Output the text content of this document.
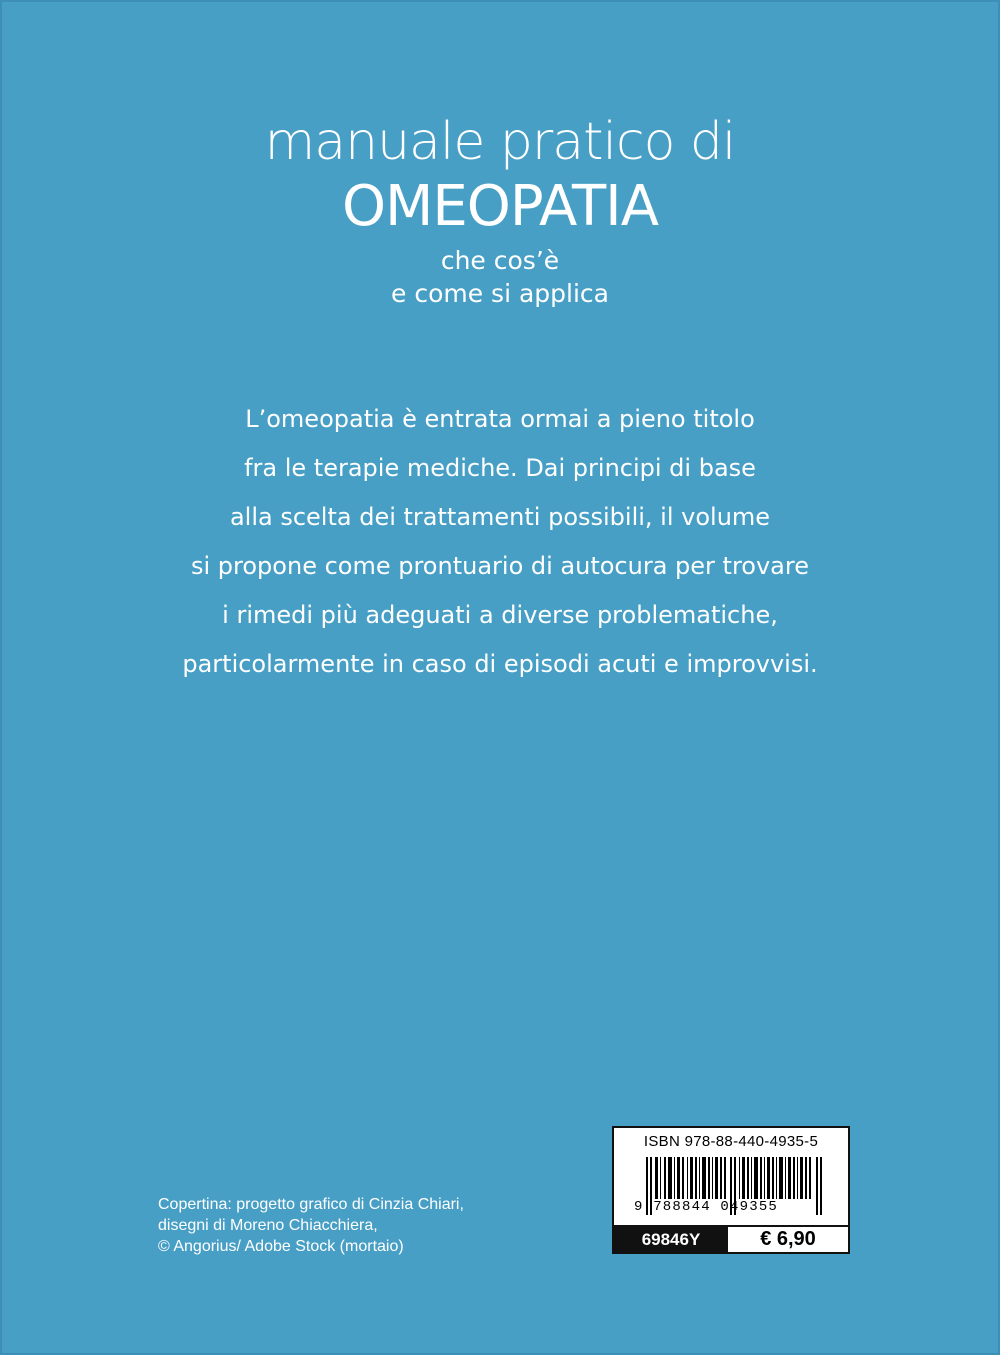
manuale pratico di
OMEOPATIA
che cos’è
e come si applica
L’omeopatia è entrata ormai a pieno titolo
fra le terapie mediche. Dai principi di base
alla scelta dei trattamenti possibili, il volume
si propone come prontuario di autocura per trovare
i rimedi più adeguati a diverse problematiche,
particolarmente in caso di episodi acuti e improvvisi.
Copertina: progetto grafico di Cinzia Chiari,
disegni di Moreno Chiacchiera,
© Angorius/ Adobe Stock (mortaio)
ISBN 978-88-440-4935-5
9 788844 049355
69846Y	€ 6,90
